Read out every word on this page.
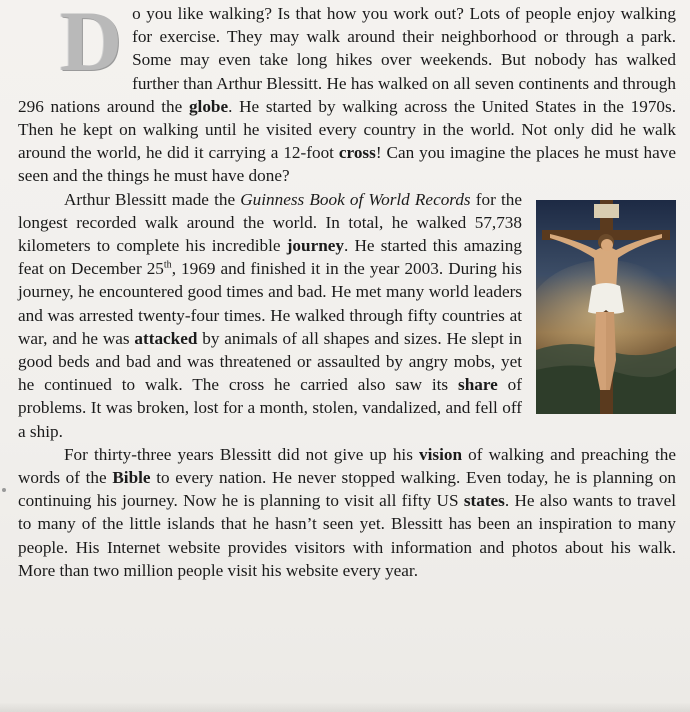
Do you like walking? Is that how you work out? Lots of people enjoy walking for exercise. They may walk around their neighborhood or through a park. Some may even take long hikes over weekends. But nobody has walked further than Arthur Blessitt. He has walked on all seven continents and through 296 nations around the globe. He started by walking across the United States in the 1970s. Then he kept on walking until he visited every country in the world. Not only did he walk around the world, he did it carrying a 12-foot cross! Can you imagine the places he must have seen and the things he must have done?

Arthur Blessitt made the Guinness Book of World Records for the longest recorded walk around the world. In total, he walked 57,738 kilometers to complete his incredible journey. He started this amazing feat on December 25th, 1969 and finished it in the year 2003. During his journey, he encountered good times and bad. He met many world leaders and was arrested twenty-four times. He walked through fifty countries at war, and he was attacked by animals of all shapes and sizes. He slept in good beds and bad and was threatened or assaulted by angry mobs, yet he continued to walk. The cross he carried also saw its share of problems. It was broken, lost for a month, stolen, vandalized, and fell off a ship.

For thirty-three years Blessitt did not give up his vision of walking and preaching the words of the Bible to every nation. He never stopped walking. Even today, he is planning on continuing his journey. Now he is planning to visit all fifty US states. He also wants to travel to many of the little islands that he hasn’t seen yet. Blessitt has been an inspiration to many people. His Internet website provides visitors with information and photos about his walk. More than two million people visit his website every year.
